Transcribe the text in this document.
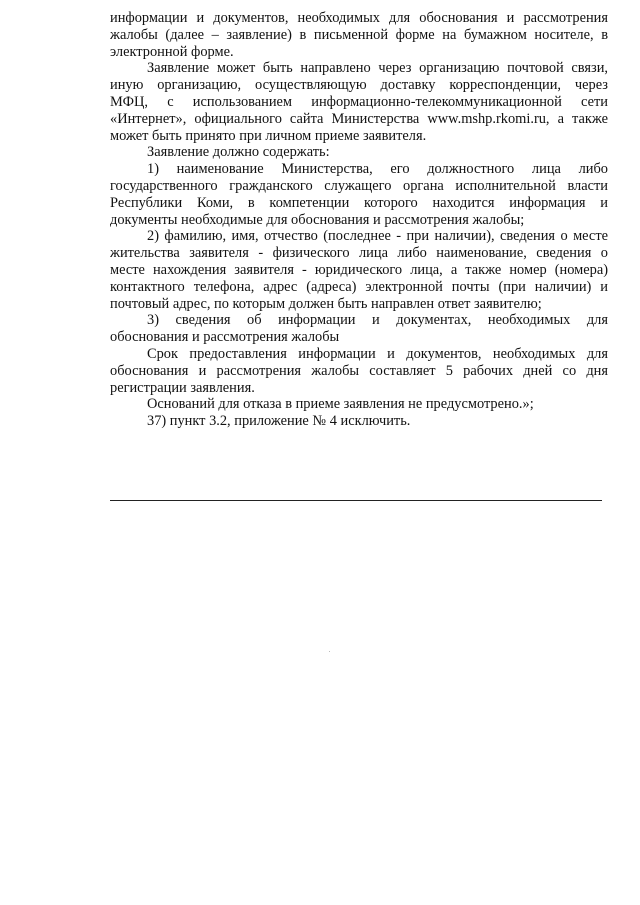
информации и документов, необходимых для обоснования и рассмотрения
жалобы (далее – заявление) в письменной форме на бумажном носителе, в
электронной форме.
Заявление может быть направлено через организацию почтовой связи,
иную организацию, осуществляющую доставку корреспонденции, через
МФЦ, с использованием информационно-телекоммуникационной сети
«Интернет», официального сайта Министерства www.mshp.rkomi.ru, а также
может быть принято при личном приеме заявителя.
Заявление должно содержать:
1) наименование Министерства, его должностного лица либо
государственного гражданского служащего органа исполнительной власти
Республики Коми, в компетенции которого находится информация и
документы необходимые для обоснования и рассмотрения жалобы;
2) фамилию, имя, отчество (последнее - при наличии), сведения о месте
жительства заявителя - физического лица либо наименование, сведения о
месте нахождения заявителя - юридического лица, а также номер (номера)
контактного телефона, адрес (адреса) электронной почты (при наличии) и
почтовый адрес, по которым должен быть направлен ответ заявителю;
3) сведения об информации и документах, необходимых для
обоснования и рассмотрения жалобы
Срок предоставления информации и документов, необходимых для
обоснования и рассмотрения жалобы составляет 5 рабочих дней со дня
регистрации заявления.
Оснований для отказа в приеме заявления не предусмотрено.»;
37) пункт 3.2, приложение № 4 исключить.
